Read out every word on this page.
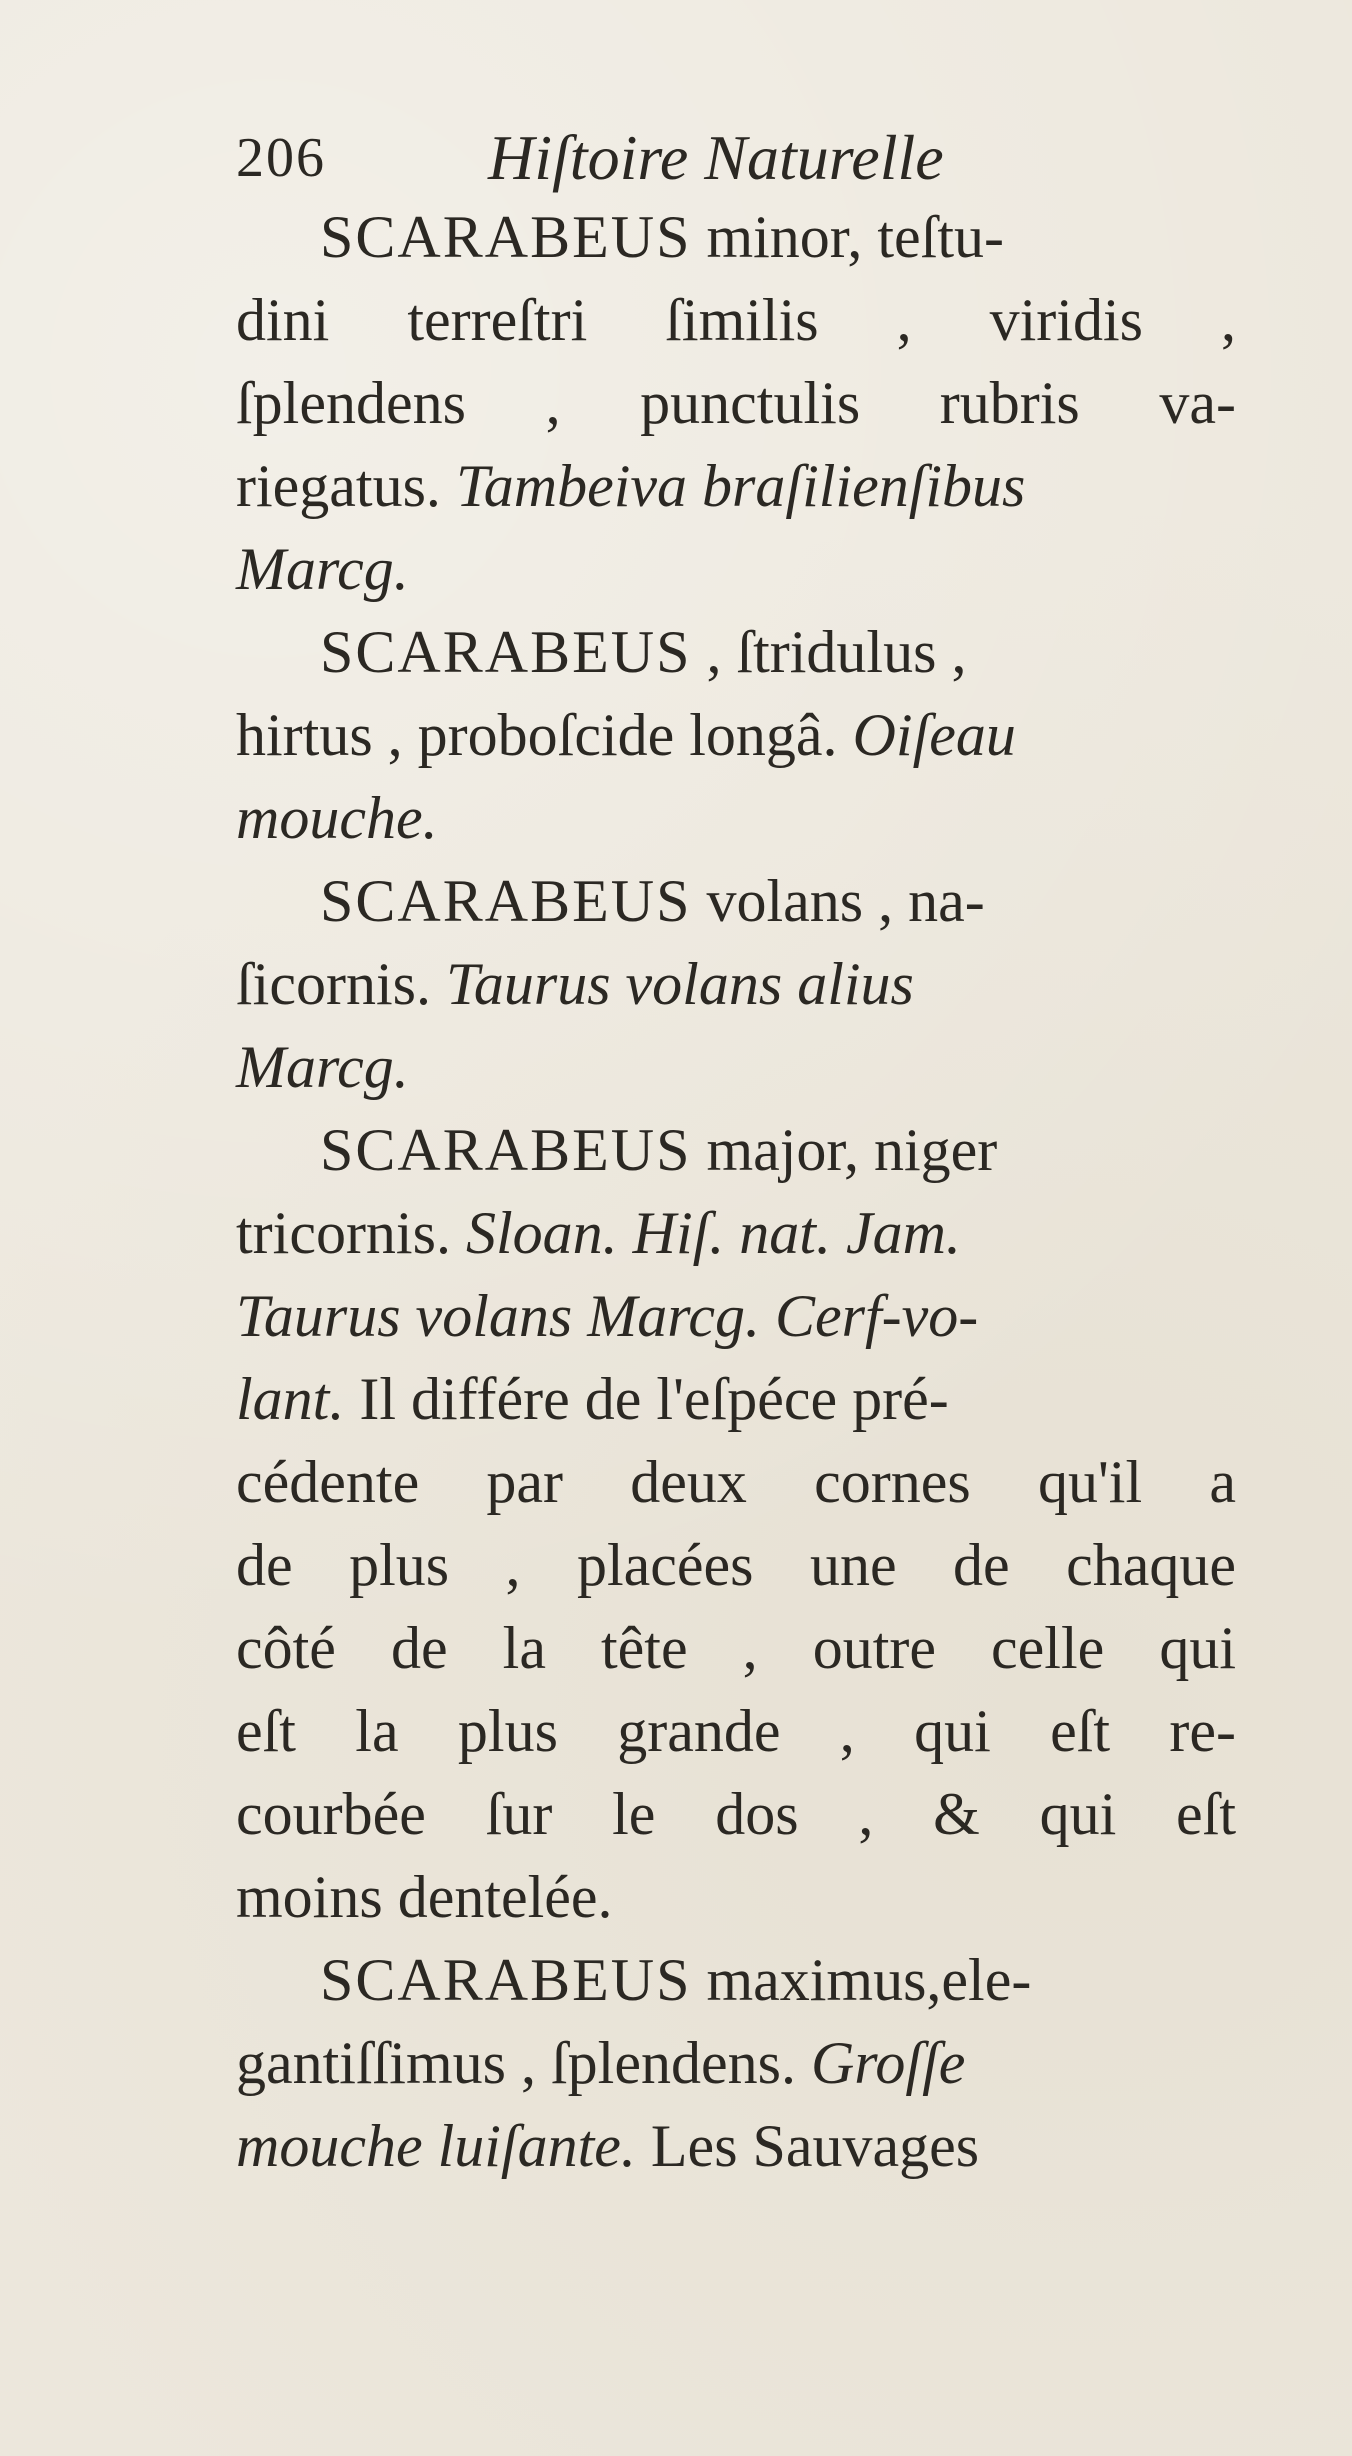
206	Hiſtoire Naturelle
SCARABEUS minor, teſtu-
dini terreſtri ſimilis , viridis ,
ſplendens , punctulis rubris va-
riegatus. Tambeiva braſilienſibus
Marcg.
SCARABEUS , ſtridulus ,
hirtus , proboſcide longâ. Oiſeau
mouche.
SCARABEUS volans , na-
ſicornis. Taurus volans alius
Marcg.
SCARABEUS major, niger
tricornis. Sloan. Hiſ. nat. Jam.
Taurus volans Marcg. Cerf-vo-
lant. Il différe de l'eſpéce pré-
cédente par deux cornes qu'il a
de plus , placées une de chaque
côté de la tête , outre celle qui
eſt la plus grande , qui eſt re-
courbée ſur le dos , & qui eſt
moins dentelée.
SCARABEUS maximus,ele-
gantiſſimus , ſplendens. Groſſe
mouche luiſante. Les Sauvages
